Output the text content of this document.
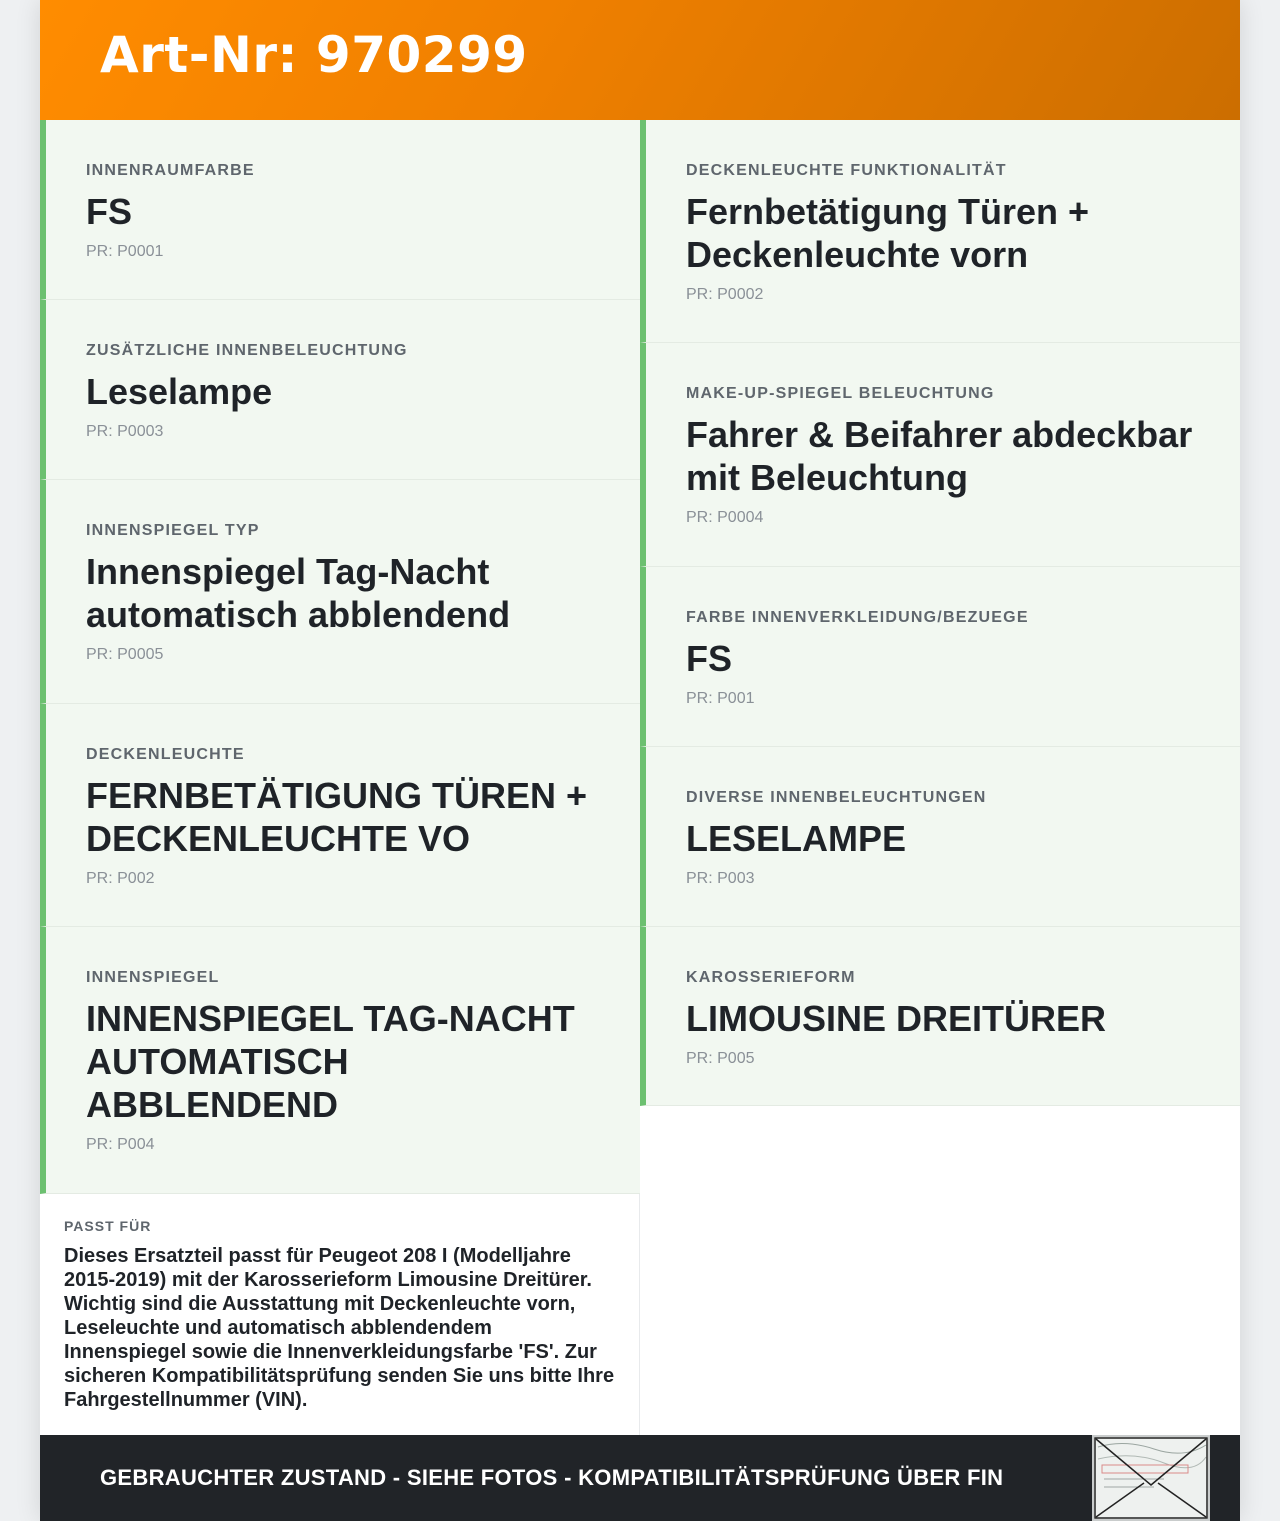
Art-Nr: 970299
INNENRAUMFARBE
FS
PR: P0001
ZUSÄTZLICHE INNENBELEUCHTUNG
Leselampe
PR: P0003
INNENSPIEGEL TYP
Innenspiegel Tag-Nacht automatisch abblendend
PR: P0005
DECKENLEUCHTE
FERNBETÄTIGUNG TÜREN + DECKENLEUCHTE VO
PR: P002
INNENSPIEGEL
INNENSPIEGEL TAG-NACHT AUTOMATISCH ABBLENDEND
PR: P004
DECKENLEUCHTE FUNKTIONALITÄT
Fernbetätigung Türen + Deckenleuchte vorn
PR: P0002
MAKE-UP-SPIEGEL BELEUCHTUNG
Fahrer & Beifahrer abdeckbar mit Beleuchtung
PR: P0004
FARBE INNENVERKLEIDUNG/BEZUEGE
FS
PR: P001
DIVERSE INNENBELEUCHTUNGEN
LESELAMPE
PR: P003
KAROSSERIEFORM
LIMOUSINE DREITÜRER
PR: P005
PASST FÜR
Dieses Ersatzteil passt für Peugeot 208 I (Modelljahre 2015-2019) mit der Karosserieform Limousine Dreitürer. Wichtig sind die Ausstattung mit Deckenleuchte vorn, Leseleuchte und automatisch abblendendem Innenspiegel sowie die Innenverkleidungsfarbe 'FS'. Zur sicheren Kompatibilitätsprüfung senden Sie uns bitte Ihre Fahrgestellnummer (VIN).
GEBRAUCHTER ZUSTAND - SIEHE FOTOS - KOMPATIBILITÄTSPRÜFUNG ÜBER FIN
